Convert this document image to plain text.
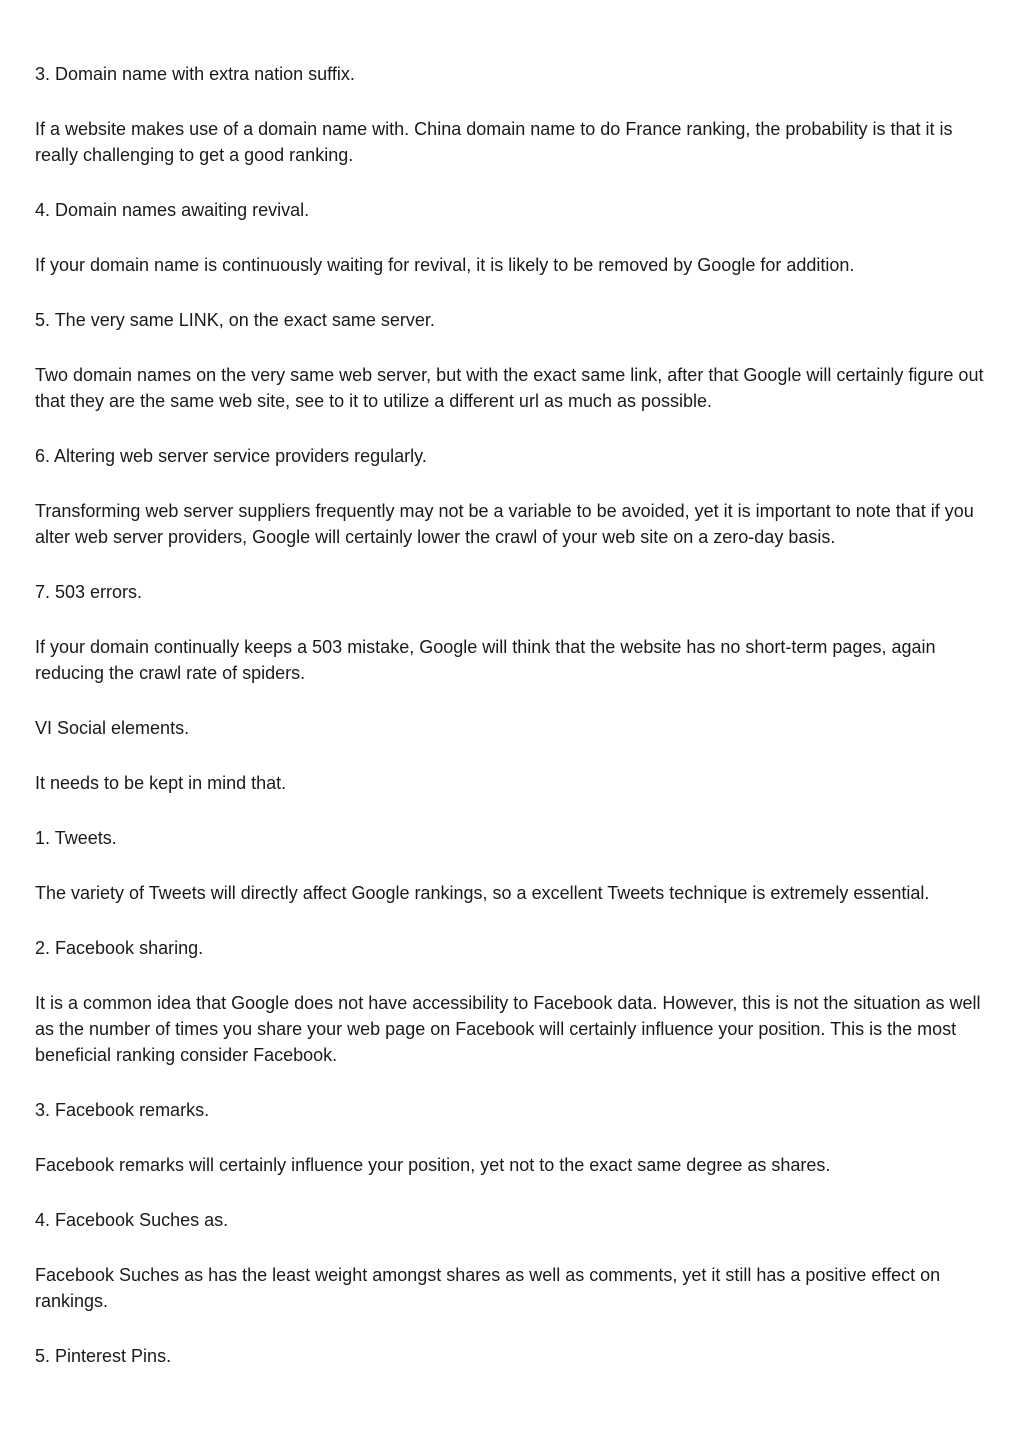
3. Domain name with extra nation suffix.

If a website makes use of a domain name with. China domain name to do France ranking, the probability is that it is really challenging to get a good ranking.

4. Domain names awaiting revival.

If your domain name is continuously waiting for revival, it is likely to be removed by Google for addition.

5. The very same LINK, on the exact same server.

Two domain names on the very same web server, but with the exact same link, after that Google will certainly figure out that they are the same web site, see to it to utilize a different url as much as possible.

6. Altering web server service providers regularly.

Transforming web server suppliers frequently may not be a variable to be avoided, yet it is important to note that if you alter web server providers, Google will certainly lower the crawl of your web site on a zero-day basis.

7. 503 errors.

If your domain continually keeps a 503 mistake, Google will think that the website has no short-term pages, again reducing the crawl rate of spiders.

VI Social elements.

It needs to be kept in mind that.

1. Tweets.

The variety of Tweets will directly affect Google rankings, so a excellent Tweets technique is extremely essential.

2. Facebook sharing.

It is a common idea that Google does not have accessibility to Facebook data. However, this is not the situation as well as the number of times you share your web page on Facebook will certainly influence your position. This is the most beneficial ranking consider Facebook.

3. Facebook remarks.

Facebook remarks will certainly influence your position, yet not to the exact same degree as shares.

4. Facebook Suches as.

Facebook Suches as has the least weight amongst shares as well as comments, yet it still has a positive effect on rankings.

5. Pinterest Pins.
